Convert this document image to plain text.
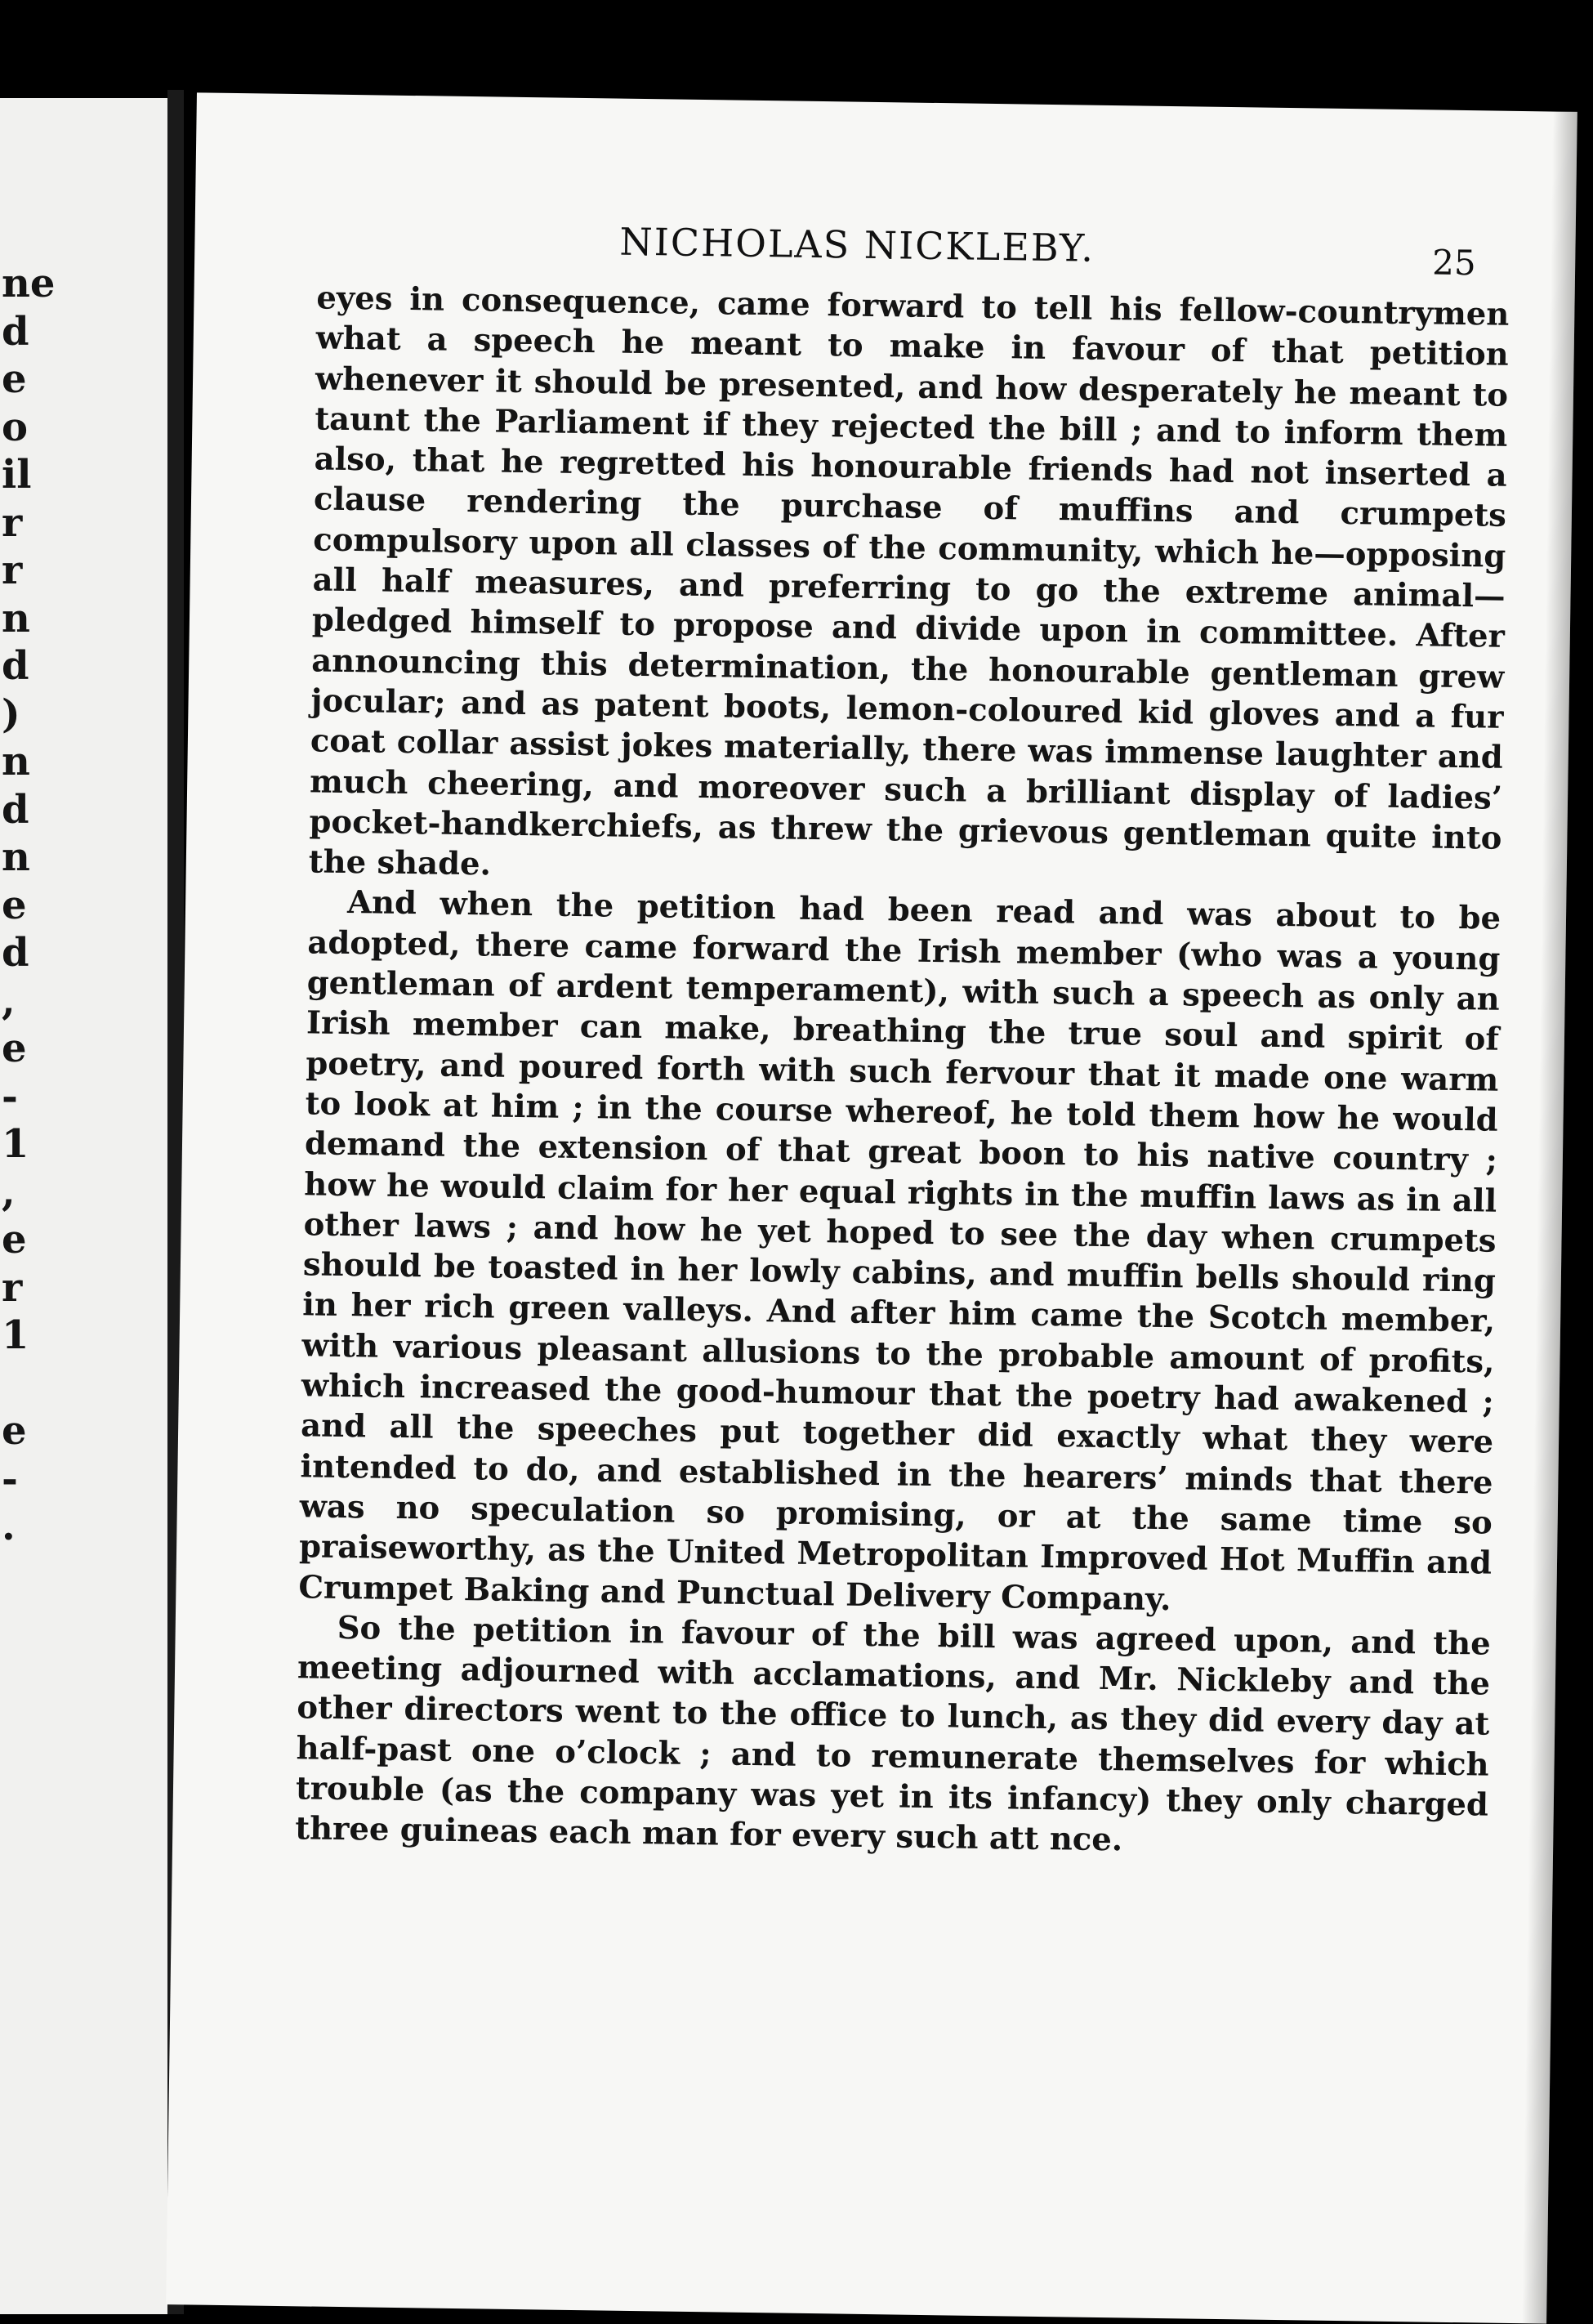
ne
d
e
o
il
r
r
n
d
)
n
d
n
e
d
,
e
-
1
,
e
r
1
e
-
.
NICHOLAS NICKLEBY.	25

eyes in consequence, came forward to tell his fellow-countrymen what a speech he meant to make in favour of that petition whenever it should be presented, and how desperately he meant to taunt the Parliament if they rejected the bill ; and to inform them also, that he regretted his honourable friends had not inserted a clause rendering the purchase of muffins and crumpets compulsory upon all classes of the community, which he—opposing all half measures, and preferring to go the extreme animal—pledged himself to propose and divide upon in committee. After announcing this determination, the honourable gentleman grew jocular; and as patent boots, lemon-coloured kid gloves and a fur coat collar assist jokes materially, there was immense laughter and much cheering, and moreover such a brilliant display of ladies’ pocket-handkerchiefs, as threw the grievous gentleman quite into the shade.

And when the petition had been read and was about to be adopted, there came forward the Irish member (who was a young gentleman of ardent temperament), with such a speech as only an Irish member can make, breathing the true soul and spirit of poetry, and poured forth with such fervour that it made one warm to look at him ; in the course whereof, he told them how he would demand the extension of that great boon to his native country ; how he would claim for her equal rights in the muffin laws as in all other laws ; and how he yet hoped to see the day when crumpets should be toasted in her lowly cabins, and muffin bells should ring in her rich green valleys. And after him came the Scotch member, with various pleasant allusions to the probable amount of profits, which increased the good-humour that the poetry had awakened ; and all the speeches put together did exactly what they were intended to do, and established in the hearers’ minds that there was no speculation so promising, or at the same time so praiseworthy, as the United Metropolitan Improved Hot Muffin and Crumpet Baking and Punctual Delivery Company.

So the petition in favour of the bill was agreed upon, and the meeting adjourned with acclamations, and Mr. Nickleby and the other directors went to the office to lunch, as they did every day at half-past one o’clock ; and to remunerate themselves for which trouble (as the company was yet in its infancy) they only charged three guineas each man for every such att nce.
